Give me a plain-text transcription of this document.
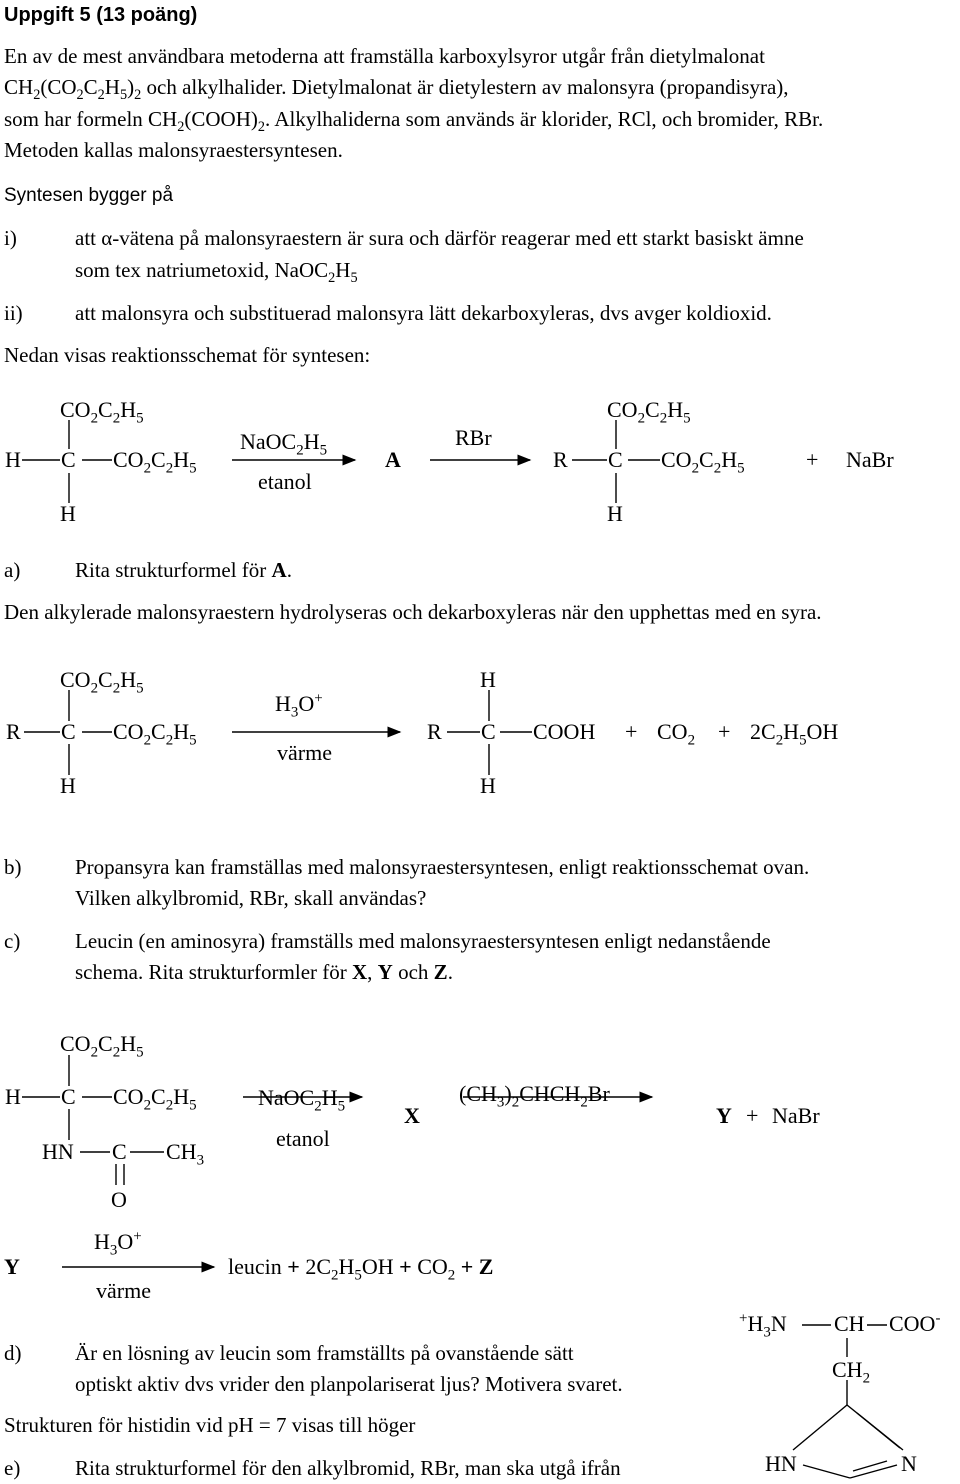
Uppgift 5 (13 poäng)
En av de mest användbara metoderna att framställa karboxylsyror utgår från dietylmalonat
$CH_2(CO_2C_2H_5)_2$ och alkylhalider. Dietylmalonat är dietylestern av malonsyra (propandisyra),
som har formeln $CH_2(COOH)_2$. Alkylhaliderna som används är klorider, RCl, och bromider, RBr.
Metoden kallas malonsyraestersyntesen.
Syntesen bygger på
i)	att α-vätena på malonsyraestern är sura och därför reagerar med ett starkt basiskt ämne
som tex natriumetoxid, $NaOC_2H_5$
ii) att malonsyra och substituerad malonsyra lätt dekarboxyleras, dvs avger koldioxid.
Nedan visas reaktionsschemat för syntesen:
$CO_2C_2H_5$
H C $CO_2C_2H_5$
H
$NaOC_2H_5$
etanol
A
RBr
R C
$CO_2C_2H_5$
$CO_2C_2H_5$
H
+ NaBr
a)	Rita strukturformel för A.
Den alkylerade malonsyraestern hydrolyseras och dekarboxyleras när den upphettas med en syra.
$CO_2C_2H_5$
R C $CO_2C_2H_5$
H
$H_3O^+$
värme
H
R C COOH
H
+ $CO_2 + 2C_2H_5OH$
b)	Propansyra kan framställas med malonsyraestersyntesen, enligt reaktionsschemat ovan.
Vilken alkylbromid, RBr, skall användas?
c)	Leucin (en aminosyra) framställs med malonsyraestersyntesen enligt nedanstående
schema. Rita strukturformler för X, Y och Z.
$CO_2C_2H_5$
H C $CO_2C_2H_5$
HN C $CH_3$
O
$NaOC_2H_5$
etanol
X
$(CH_3)_2CHCH_2Br$
Y + NaBr
Y
$H_3O^+$
värme
leucin + $2C_2H_5OH + CO_2 + Z$
d)	Är en lösning av leucin som framställts på ovanstående sätt
optiskt aktiv dvs vrider den planpolariserat ljus? Motivera svaret.
Strukturen för histidin vid pH = 7 visas till höger
e)	Rita strukturformel för den alkylbromid, RBr, man ska utgå ifrån
$^+H_3N$ CH COO-
$CH_2$
HN	N
